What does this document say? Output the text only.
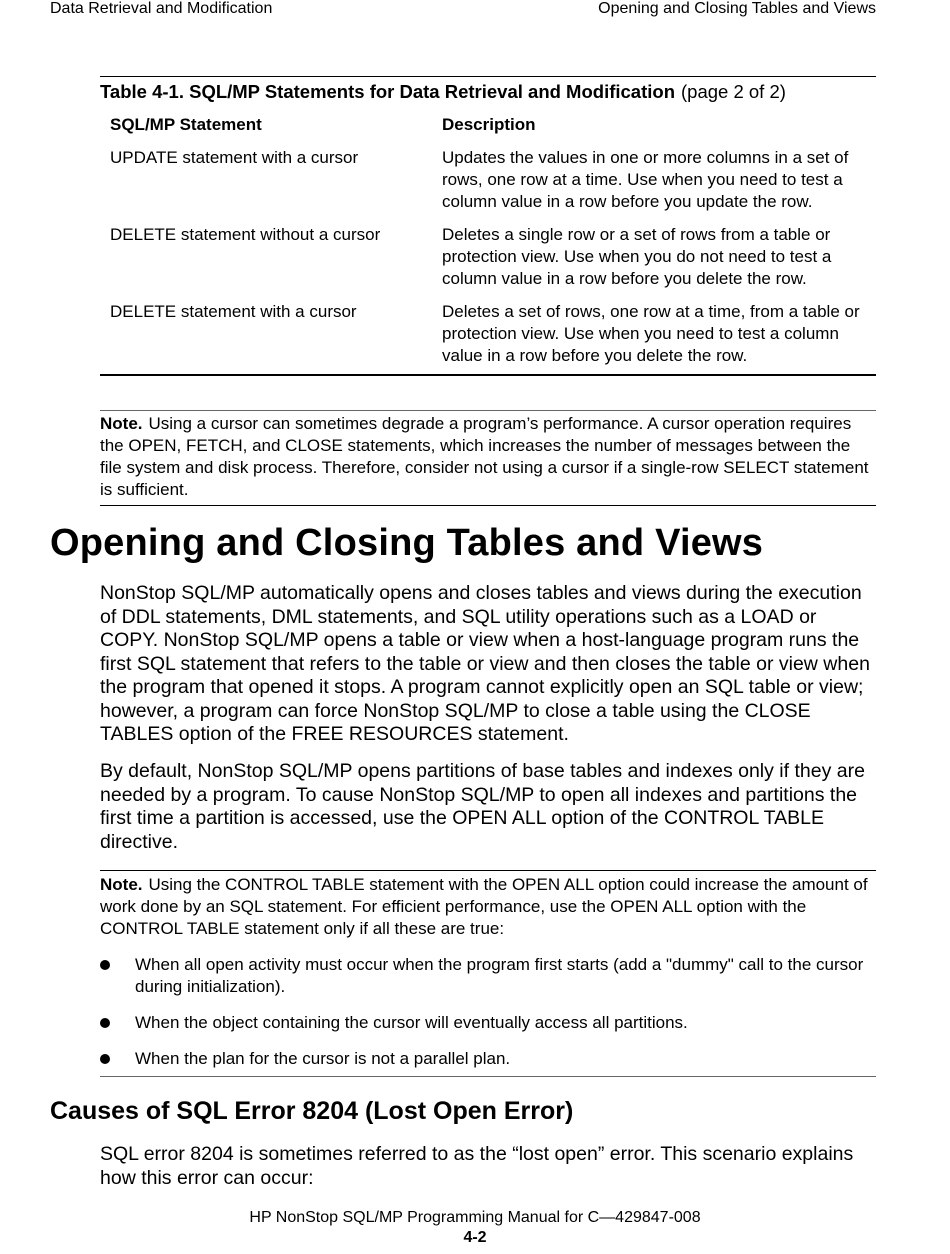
Data Retrieval and Modification	Opening and Closing Tables and Views
Table 4-1. SQL/MP Statements for Data Retrieval and Modification (page 2 of 2)
SQL/MP Statement	Description
UPDATE statement with a cursor	Updates the values in one or more columns in a set of rows, one row at a time. Use when you need to test a column value in a row before you update the row.
DELETE statement without a cursor	Deletes a single row or a set of rows from a table or protection view. Use when you do not need to test a column value in a row before you delete the row.
DELETE statement with a cursor	Deletes a set of rows, one row at a time, from a table or protection view. Use when you need to test a column value in a row before you delete the row.
Note. Using a cursor can sometimes degrade a program’s performance. A cursor operation requires the OPEN, FETCH, and CLOSE statements, which increases the number of messages between the file system and disk process. Therefore, consider not using a cursor if a single-row SELECT statement is sufficient.
Opening and Closing Tables and Views

NonStop SQL/MP automatically opens and closes tables and views during the execution of DDL statements, DML statements, and SQL utility operations such as a LOAD or COPY. NonStop SQL/MP opens a table or view when a host-language program runs the first SQL statement that refers to the table or view and then closes the table or view when the program that opened it stops. A program cannot explicitly open an SQL table or view; however, a program can force NonStop SQL/MP to close a table using the CLOSE TABLES option of the FREE RESOURCES statement.

By default, NonStop SQL/MP opens partitions of base tables and indexes only if they are needed by a program. To cause NonStop SQL/MP to open all indexes and partitions the first time a partition is accessed, use the OPEN ALL option of the CONTROL TABLE directive.

Note. Using the CONTROL TABLE statement with the OPEN ALL option could increase the amount of work done by an SQL statement. For efficient performance, use the OPEN ALL option with the CONTROL TABLE statement only if all these are true:
When all open activity must occur when the program first starts (add a "dummy" call to the cursor during initialization).
When the object containing the cursor will eventually access all partitions.
When the plan for the cursor is not a parallel plan.
Causes of SQL Error 8204 (Lost Open Error)

SQL error 8204 is sometimes referred to as the “lost open” error. This scenario explains how this error can occur:

HP NonStop SQL/MP Programming Manual for C—429847-008
4-2
